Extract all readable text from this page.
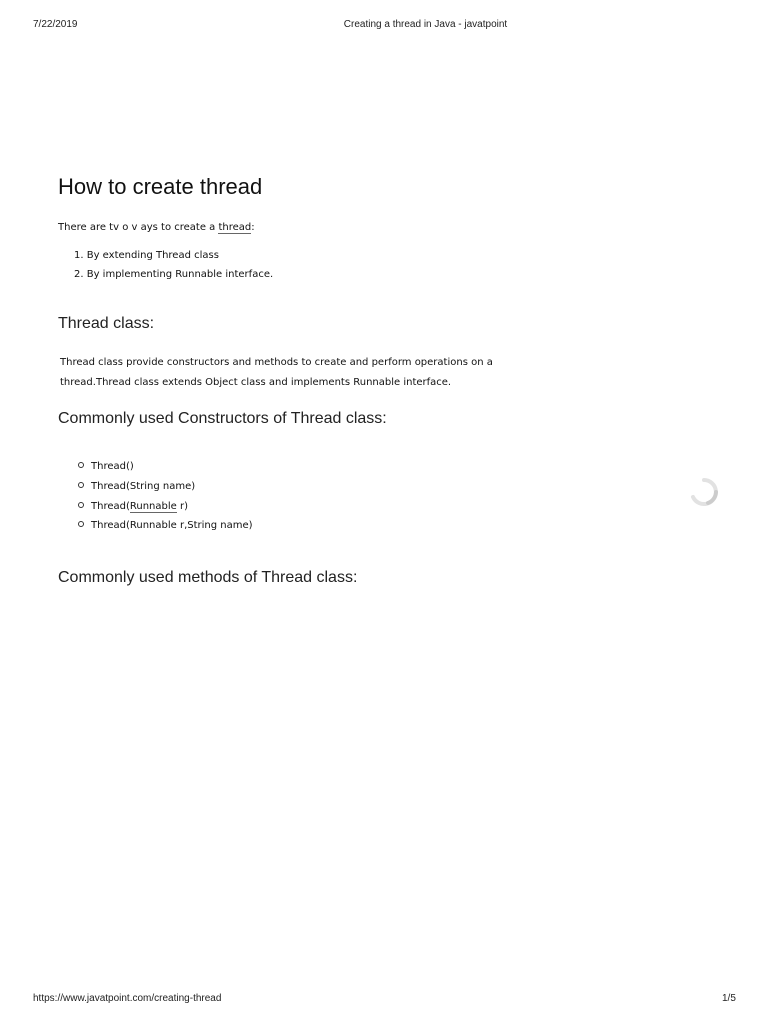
7/22/2019	Creating a thread in Java - javatpoint
How to create thread
There are tv o v ays to create a thread:
1. By extending Thread class
2. By implementing Runnable interface.
Thread class:
Thread class provide constructors and methods to create and perform operations on a
thread.Thread class extends Object class and implements Runnable interface.
Commonly used Constructors of Thread class:
Thread()
Thread(String name)
Thread(Runnable r)
Thread(Runnable r,String name)
Commonly used methods of Thread class:
https://www.javatpoint.com/creating-thread	1/5
